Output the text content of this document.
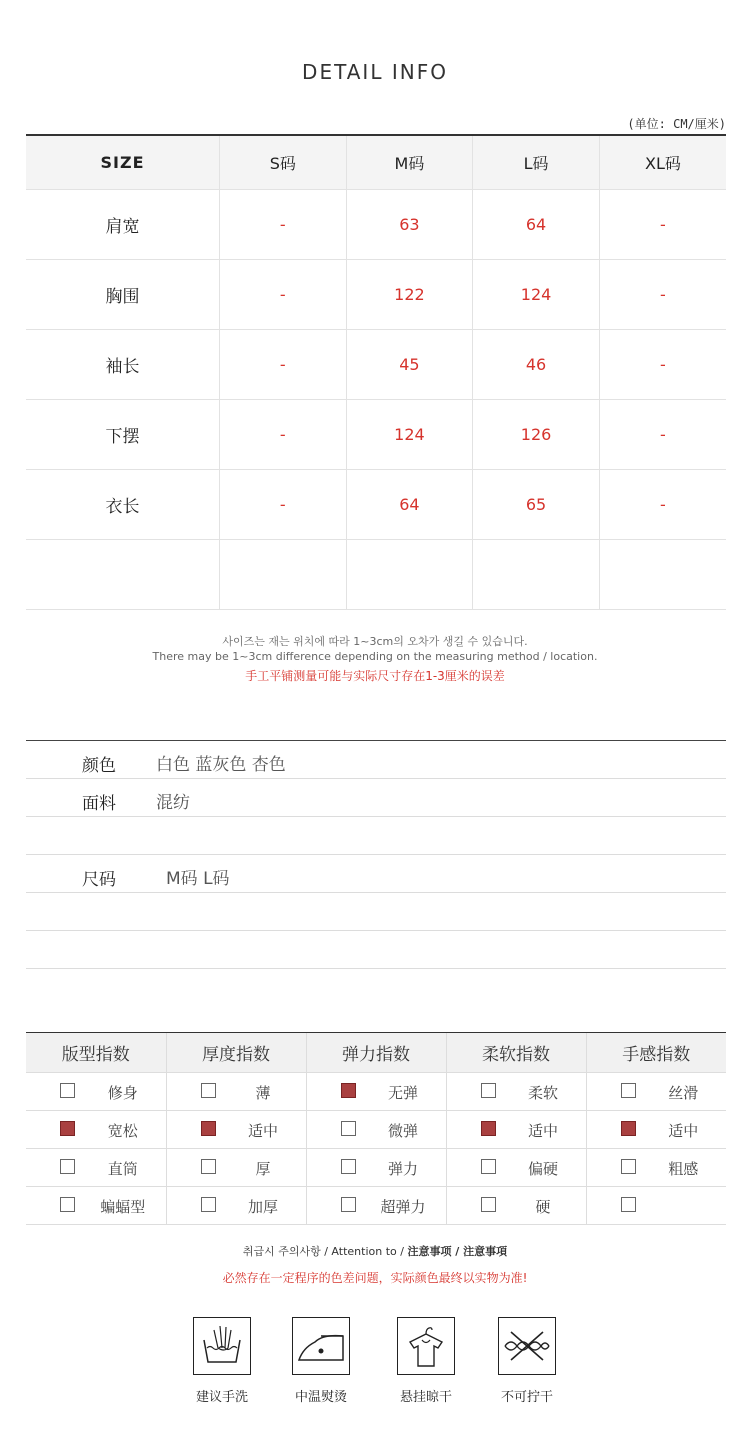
DETAIL INFO
(单位: CM/厘米)
SIZE	S码	M码	L码	XL码
肩宽	-	63	64	-
胸围	-	122	124	-
袖长	-	45	46	-
下摆	-	124	126	-
衣长	-	64	65	-

사이즈는 재는 위치에 따라 1~3cm의 오차가 생길 수 있습니다.
There may be 1~3cm difference depending on the measuring method / location.
手工平铺测量可能与实际尺寸存在1-3厘米的误差
颜色 白色 蓝灰色 杏色
面料 混纺
尺码	M码 L码
版型指数	厚度指数	弹力指数	柔软指数	手感指数

修身	薄	无弹	柔软	丝滑

宽松	适中	微弹	适中	适中

直筒	厚	弹力	偏硬	粗感

蝙蝠型	加厚	超弹力	硬	

취급시 주의사항 / Attention to / 注意事项 / 注意事項
必然存在一定程序的色差问题，实际颜色最终以实物为准!
建议手洗	中温熨烫	悬挂晾干	不可拧干
